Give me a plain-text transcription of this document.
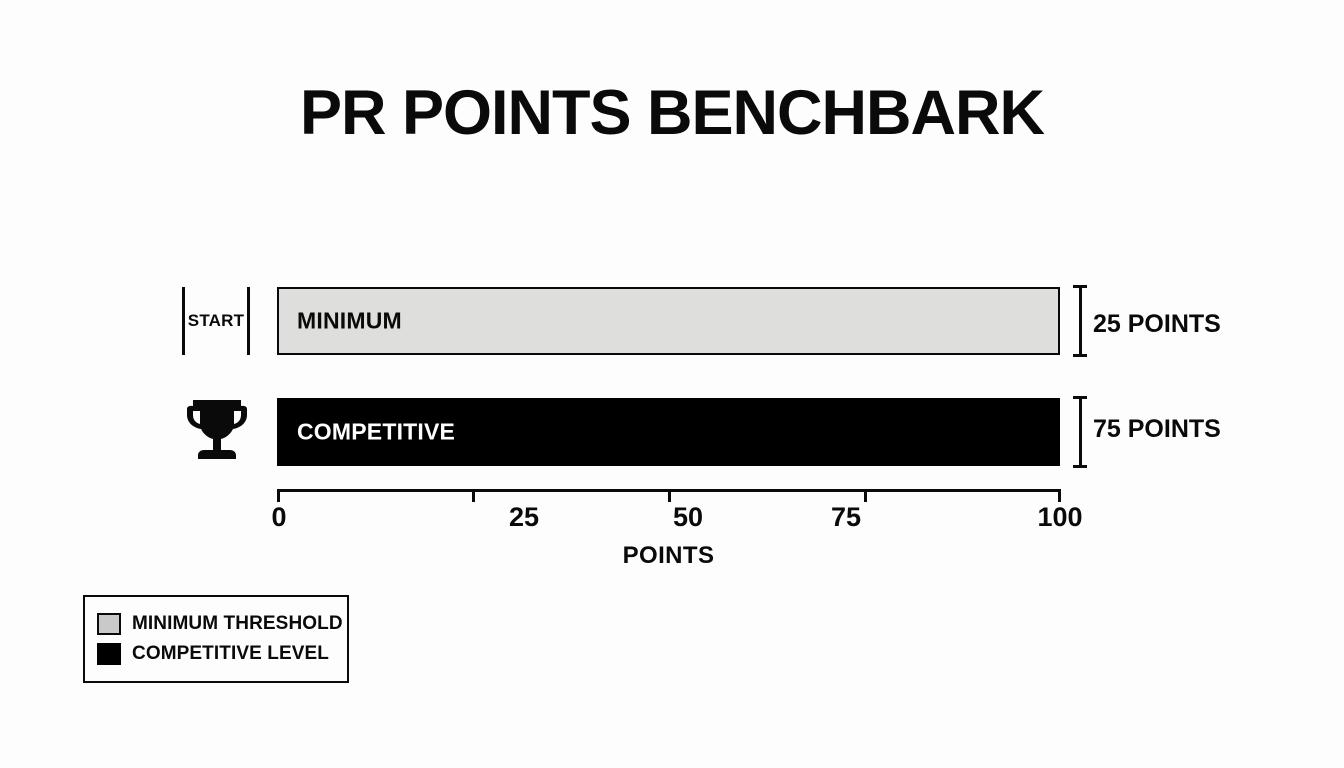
PR POINTS BENCHBARK
START MINIMUM	25 POINTS
COMPETITIVE	75 POINTS
0	25	50	75	100
POINTS
MINIMUM THRESHOLD
COMPETITIVE LEVEL
